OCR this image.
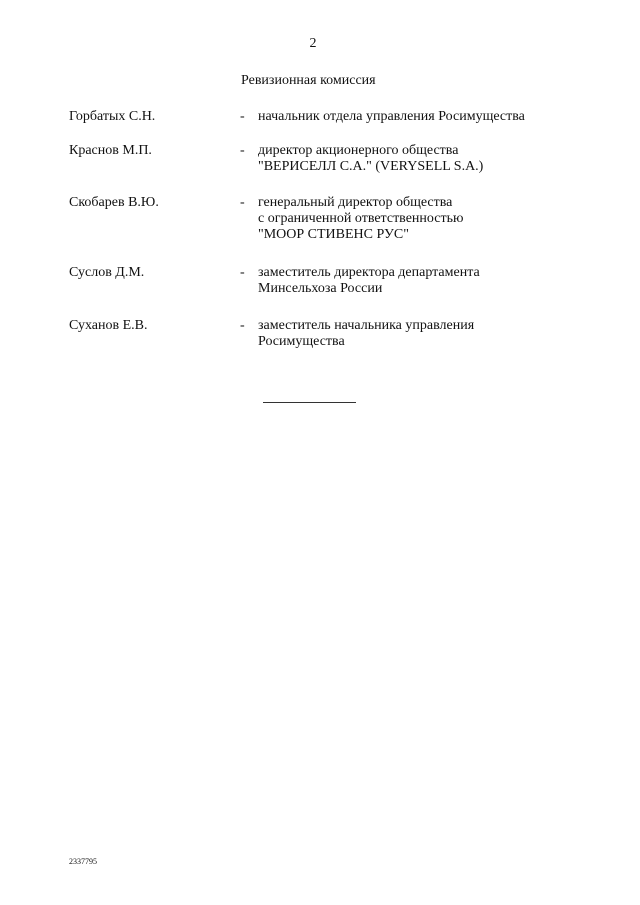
2
Ревизионная комиссия
Горбатых С.Н.	- начальник отдела управления Росимущества
Краснов М.П.	- директор акционерного общества
"ВЕРИСЕЛЛ С.А." (VERYSELL S.A.)
Скобарев В.Ю.	- генеральный директор общества
с ограниченной ответственностью
"МООР СТИВЕНС РУС"
Суслов Д.М.	- заместитель директора департамента
Минсельхоза России
Суханов Е.В.	- заместитель начальника управления
Росимущества
2337795
